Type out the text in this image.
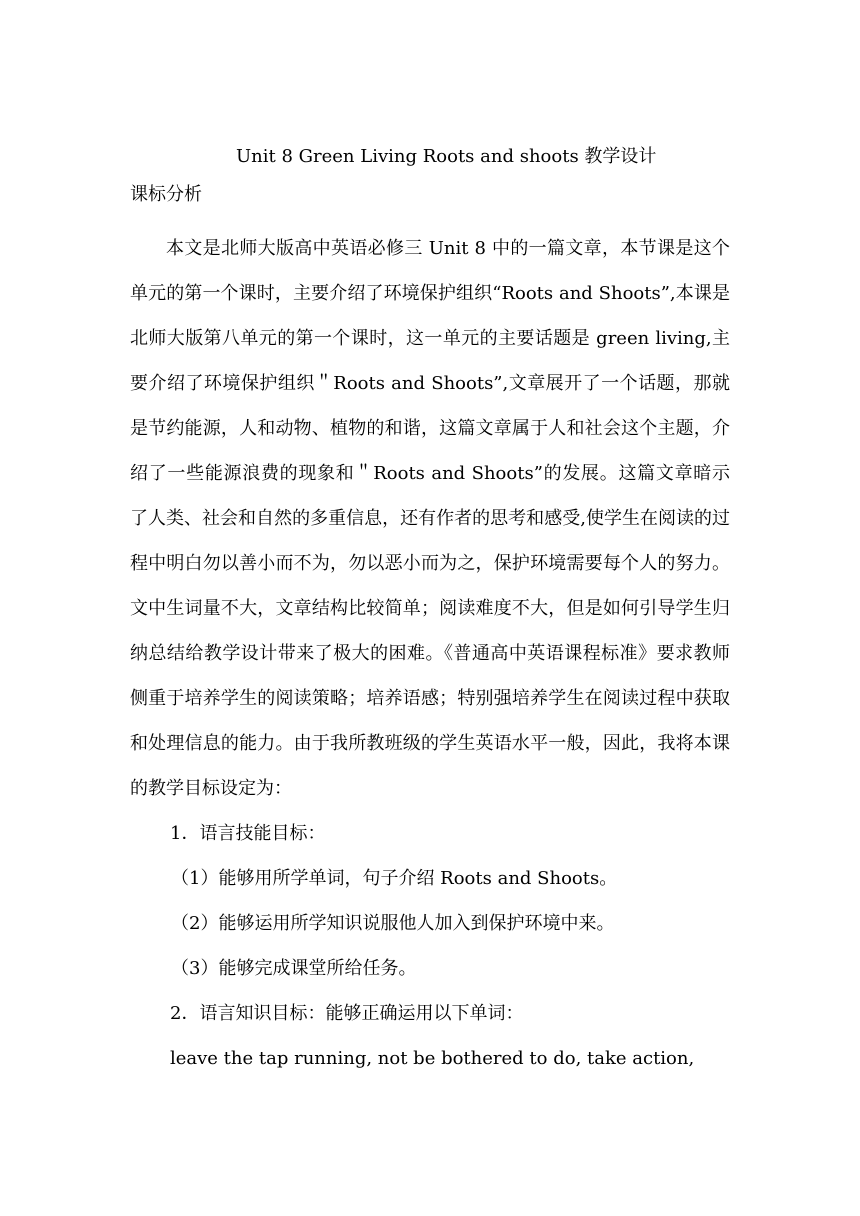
Unit 8 Green Living Roots and shoots 教学设计
课标分析

本文是北师大版高中英语必修三 Unit 8 中的一篇文章，本节课是这个单元的第一个课时，主要介绍了环境保护组织“Roots and Shoots”,本课是北师大版第八单元的第一个课时，这一单元的主要话题是 green living,主要介绍了环境保护组织＂Roots and Shoots”,文章展开了一个话题，那就是节约能源，人和动物、植物的和谐，这篇文章属于人和社会这个主题，介绍了一些能源浪费的现象和＂Roots and Shoots”的发展。这篇文章暗示了人类、社会和自然的多重信息，还有作者的思考和感受,使学生在阅读的过程中明白勿以善小而不为，勿以恶小而为之，保护环境需要每个人的努力。文中生词量不大，文章结构比较简单；阅读难度不大，但是如何引导学生归纳总结给教学设计带来了极大的困难。《普通高中英语课程标准》要求教师侧重于培养学生的阅读策略；培养语感；特别强培养学生在阅读过程中获取和处理信息的能力。由于我所教班级的学生英语水平一般，因此，我将本课的教学目标设定为：

1．语言技能目标：

（1）能够用所学单词，句子介绍 Roots and Shoots。

（2）能够运用所学知识说服他人加入到保护环境中来。

（3）能够完成课堂所给任务。

2．语言知识目标：能够正确运用以下单词：

leave the tap running, not be bothered to do, take action,
